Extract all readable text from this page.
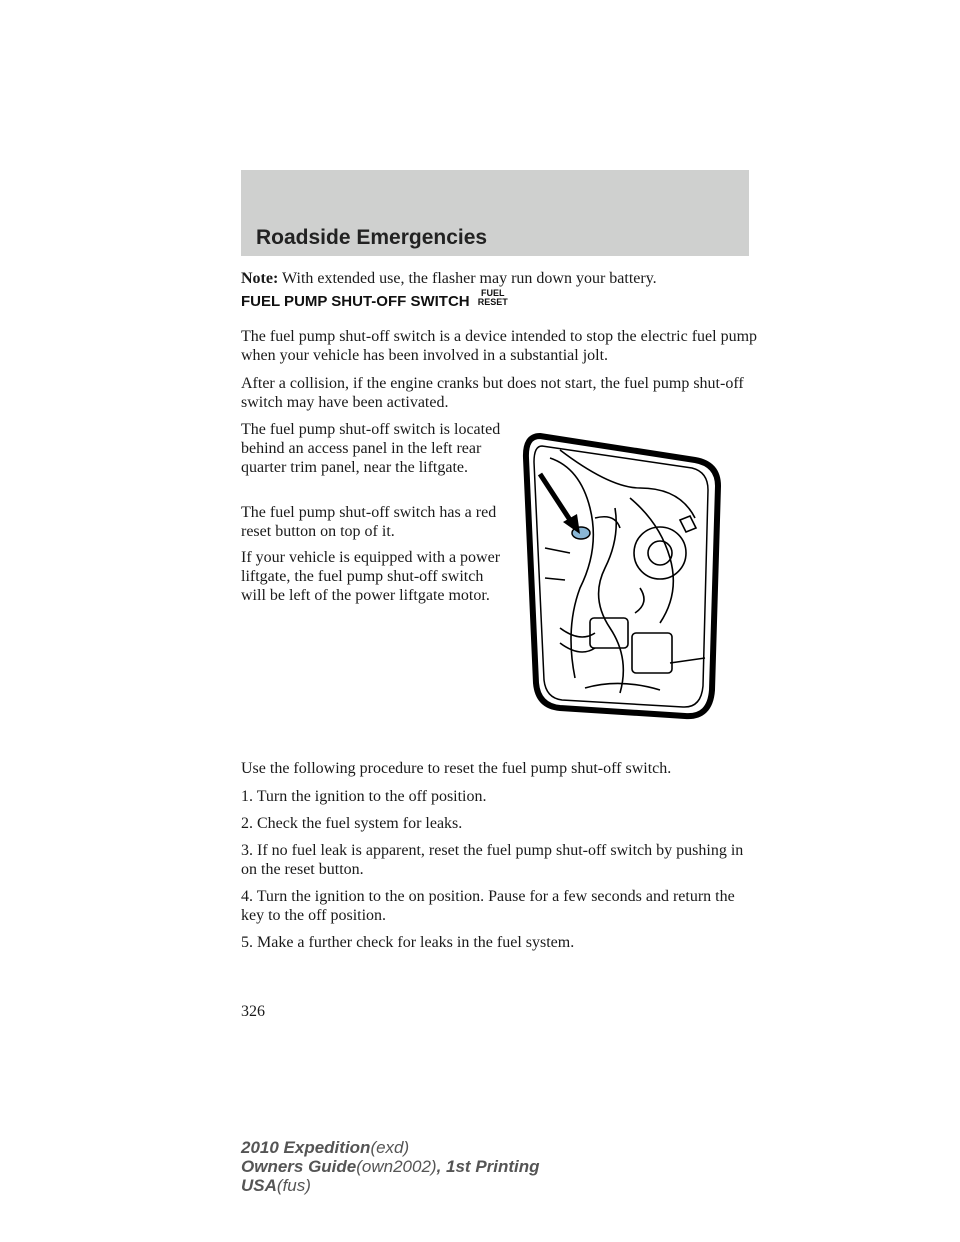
Roadside Emergencies
Note: With extended use, the flasher may run down your battery.
FUEL PUMP SHUT-OFF SWITCH FUEL
RESET
The fuel pump shut-off switch is a device intended to stop the electric fuel pump when your vehicle has been involved in a substantial jolt.
After a collision, if the engine cranks but does not start, the fuel pump shut-off switch may have been activated.
The fuel pump shut-off switch is located behind an access panel in the left rear quarter trim panel, near the liftgate.
The fuel pump shut-off switch has a red reset button on top of it.
If your vehicle is equipped with a power liftgate, the fuel pump shut-off switch will be left of the power liftgate motor.
Use the following procedure to reset the fuel pump shut-off switch.
1. Turn the ignition to the off position.
2. Check the fuel system for leaks.
3. If no fuel leak is apparent, reset the fuel pump shut-off switch by pushing in on the reset button.
4. Turn the ignition to the on position. Pause for a few seconds and return the key to the off position.
5. Make a further check for leaks in the fuel system.
326
2010 Expedition(exd)
Owners Guide(own2002), 1st Printing
USA(fus)
